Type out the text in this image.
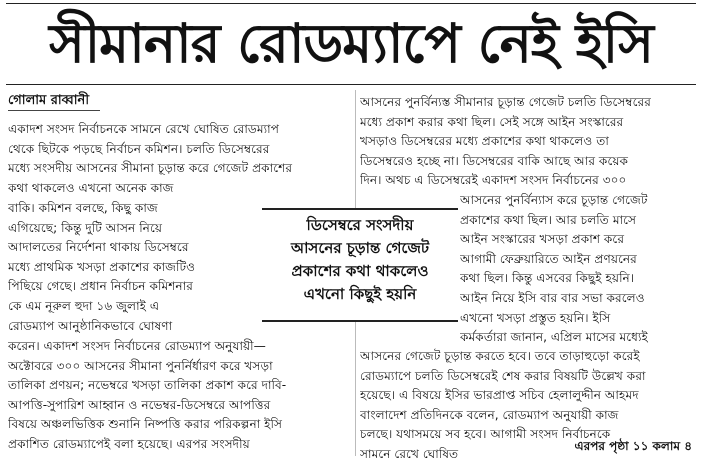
সীমানার রোডম্যাপে নেই ইসি
গোলাম রাব্বানী
একাদশ সংসদ নির্বাচনকে সামনে রেখে ঘোষিত রোডম্যাপ
থেকে ছিটকে পড়ছে নির্বাচন কমিশন। চলতি ডিসেম্বরের
মধ্যে সংসদীয় আসনের সীমানা চূড়ান্ত করে গেজেট প্রকাশের
কথা থাকলেও এখনো অনেক কাজ
বাকি। কমিশন বলছে, কিছু কাজ
এগিয়েছে; কিন্তু দুটি আসন নিয়ে
আদালতের নির্দেশনা থাকায় ডিসেম্বরে
মধ্যে প্রাথমিক খসড়া প্রকাশের কাজটিও
পিছিয়ে গেছে। প্রধান নির্বাচন কমিশনার
কে এম নূরুল হুদা ১৬ জুলাই এ
রোডম্যাপ আনুষ্ঠানিকভাবে ঘোষণা
করেন। একাদশ সংসদ নির্বাচনের রোডম্যাপ অনুযায়ী—
অক্টোবরে ৩০০ আসনের সীমানা পুনর্নির্ধারণ করে খসড়া
তালিকা প্রণয়ন; নভেম্বরে খসড়া তালিকা প্রকাশ করে দাবি-
আপত্তি-সুপারিশ আহ্বান ও নভেম্বর-ডিসেম্বরে আপত্তির
বিষয়ে অঞ্চলভিত্তিক শুনানি নিষ্পত্তি করার পরিকল্পনা ইসি
প্রকাশিত রোডম্যাপেই বলা হয়েছে। এরপর সংসদীয়
ডিসেম্বরে সংসদীয়
আসনের চূড়ান্ত গেজেট
প্রকাশের কথা থাকলেও
এখনো কিছুই হয়নি
আসনের পুনর্বিন্যস্ত সীমানার চূড়ান্ত গেজেট চলতি ডিসেম্বরের
মধ্যে প্রকাশ করার কথা ছিল। সেই সঙ্গে আইন সংস্কারের
খসড়াও ডিসেম্বরের মধ্যে প্রকাশের কথা থাকলেও তা
ডিসেম্বরেও হচ্ছে না। ডিসেম্বরের বাকি আছে আর কয়েক
দিন। অথচ এ ডিসেম্বরেই একাদশ সংসদ নির্বাচনের ৩০০
আসনের পুনর্বিন্যাস করে চূড়ান্ত গেজেট
প্রকাশের কথা ছিল। আর চলতি মাসে
আইন সংস্কারের খসড়া প্রকাশ করে
আগামী ফেব্রুয়ারিতে আইন প্রণয়নের
কথা ছিল। কিন্তু এসবের কিছুই হয়নি।
আইন নিয়ে ইসি বার বার সভা করলেও
এখনো খসড়া প্রস্তুত হয়নি। ইসি
কর্মকর্তারা জানান, এপ্রিল মাসের মধ্যেই
আসনের গেজেট চূড়ান্ত করতে হবে। তবে তাড়াহুড়ো করেই
রোডম্যাপে চলতি ডিসেম্বরেই শেষ করার বিষয়টি উল্লেখ করা
হয়েছে। এ বিষয়ে ইসির ভারপ্রাপ্ত সচিব হেলালুদ্দীন আহমদ
বাংলাদেশ প্রতিদিনকে বলেন, রোডম্যাপ অনুযায়ী কাজ
চলছে। যথাসময়ে সব হবে। আগামী সংসদ নির্বাচনকে
সামনে রেখে ঘোষিত
এরপর পৃষ্ঠা ১১ কলাম ৪
